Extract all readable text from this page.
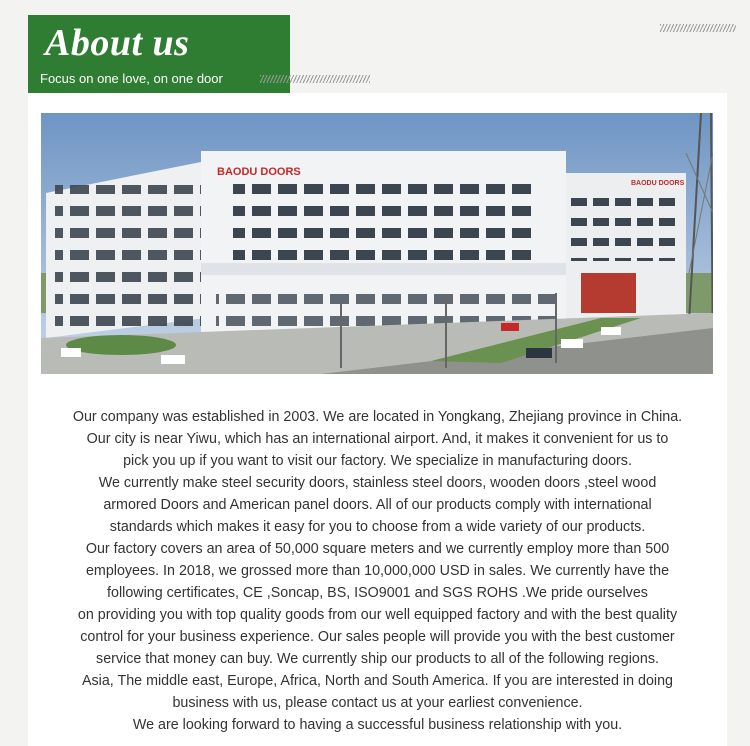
About us
Focus on one love, on one door
BAODU DOORS
BAODU DOORS

Our company was established in 2003. We are located in Yongkang, Zhejiang province in China.

Our city is near Yiwu, which has an international airport. And, it makes it convenient for us to

pick you up if you want to visit our factory. We specialize in manufacturing doors.

We currently make steel security doors, stainless steel doors, wooden doors ,steel wood

armored Doors and American panel doors. All of our products comply with international

standards which makes it easy for you to choose from a wide variety of our products.

Our factory covers an area of 50,000 square meters and we currently employ more than 500

employees. In 2018, we grossed more than 10,000,000 USD in sales. We currently have the

following certificates, CE ,Soncap, BS, ISO9001 and SGS ROHS .We pride ourselves

on providing you with top quality goods from our well equipped factory and with the best quality

control for your business experience. Our sales people will provide you with the best customer

service that money can buy. We currently ship our products to all of the following regions.

Asia, The middle east, Europe, Africa, North and South America. If you are interested in doing

business with us, please contact us at your earliest convenience.

We are looking forward to having a successful business relationship with you.
